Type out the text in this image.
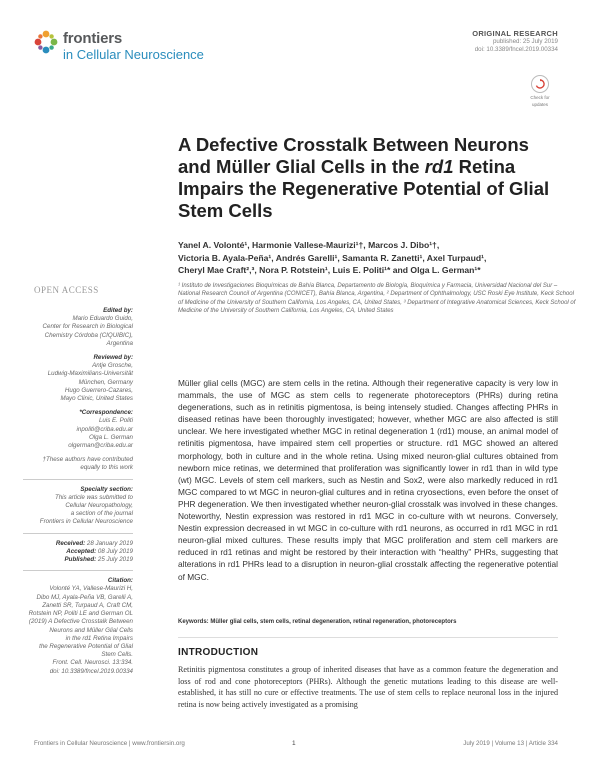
frontiers
in Cellular Neuroscience
ORIGINAL RESEARCH
published: 25 July 2019
doi: 10.3389/fncel.2019.00334
Check for
updates
A Defective Crosstalk Between Neurons and Müller Glial Cells in the rd1 Retina Impairs the Regenerative Potential of Glial Stem Cells
Yanel A. Volonté¹, Harmonie Vallese-Maurizi¹†, Marcos J. Dibo¹†,
Victoria B. Ayala-Peña¹, Andrés Garelli¹, Samanta R. Zanetti¹, Axel Turpaud¹,
Cheryl Mae Craft²,³, Nora P. Rotstein¹, Luis E. Politi¹* and Olga L. German¹*
¹ Instituto de Investigaciones Bioquímicas de Bahía Blanca, Departamento de Biología, Bioquímica y Farmacia, Universidad Nacional del Sur – National Research Council of Argentina (CONICET), Bahía Blanca, Argentina, ² Department of Ophthalmology, USC Roski Eye Institute, Keck School of Medicine of the University of Southern California, Los Angeles, CA, United States, ³ Department of Integrative Anatomical Sciences, Keck School of Medicine of the University of Southern California, Los Angeles, CA, United States
OPEN ACCESS
Edited by:
Mario Eduardo Guido,
Center for Research in Biological
Chemistry Córdoba (CIQUIBIC),
Argentina
Reviewed by:
Antje Grosche,
Ludwig-Maximilians-Universität
München, Germany
Hugo Guerrero-Cazares,
Mayo Clinic, United States
*Correspondence:
Luis E. Politi
inpoliti@criba.edu.ar
Olga L. German
olgerman@criba.edu.ar
†These authors have contributed
equally to this work
Specialty section:
This article was submitted to
Cellular Neuropathology,
a section of the journal
Frontiers in Cellular Neuroscience
Received: 28 January 2019
Accepted: 08 July 2019
Published: 25 July 2019
Citation:
Volonté YA, Vallese-Maurizi H,
Dibo MJ, Ayala-Peña VB, Garelli A,
Zanetti SR, Turpaud A, Craft CM,
Rotstein NP, Politi LE and German OL
(2019) A Defective Crosstalk Between
Neurons and Müller Glial Cells
in the rd1 Retina Impairs
the Regenerative Potential of Glial
Stem Cells.
Front. Cell. Neurosci. 13:334.
doi: 10.3389/fncel.2019.00334

Müller glial cells (MGC) are stem cells in the retina. Although their regenerative capacity is very low in mammals, the use of MGC as stem cells to regenerate photoreceptors (PHRs) during retina degenerations, such as in retinitis pigmentosa, is being intensely studied. Changes affecting PHRs in diseased retinas have been thoroughly investigated; however, whether MGC are also affected is still unclear. We here investigated whether MGC in retinal degeneration 1 (rd1) mouse, an animal model of retinitis pigmentosa, have impaired stem cell properties or structure. rd1 MGC showed an altered morphology, both in culture and in the whole retina. Using mixed neuron-glial cultures obtained from newborn mice retinas, we determined that proliferation was significantly lower in rd1 than in wild type (wt) MGC. Levels of stem cell markers, such as Nestin and Sox2, were also markedly reduced in rd1 MGC compared to wt MGC in neuron-glial cultures and in retina cryosections, even before the onset of PHR degeneration. We then investigated whether neuron-glial crosstalk was involved in these changes. Noteworthy, Nestin expression was restored in rd1 MGC in co-culture with wt neurons. Conversely, Nestin expression decreased in wt MGC in co-culture with rd1 neurons, as occurred in rd1 MGC in rd1 neuron-glial mixed cultures. These results imply that MGC proliferation and stem cell markers are reduced in rd1 retinas and might be restored by their interaction with “healthy” PHRs, suggesting that alterations in rd1 PHRs lead to a disruption in neuron-glial crosstalk affecting the regenerative potential of MGC.

Keywords: Müller glial cells, stem cells, retinal degeneration, retinal regeneration, photoreceptors
INTRODUCTION

Retinitis pigmentosa constitutes a group of inherited diseases that have as a common feature the degeneration and loss of rod and cone photoreceptors (PHRs). Although the genetic mutations leading to this disease are well-established, it has still no cure or effective treatments. The use of stem cells to replace neuronal loss in the injured retina is now being actively investigated as a promising

Frontiers in Cellular Neuroscience | www.frontiersin.org	1	July 2019 | Volume 13 | Article 334
